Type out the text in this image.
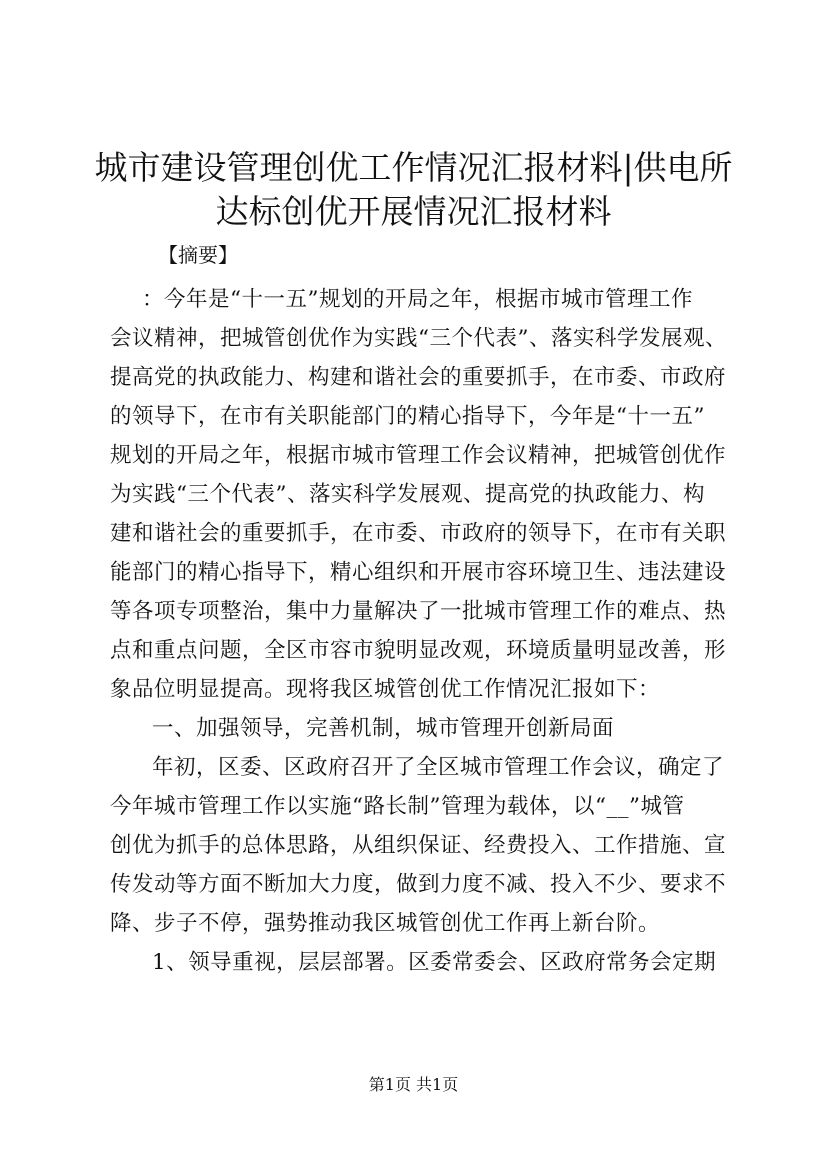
城市建设管理创优工作情况汇报材料|供电所
达标创优开展情况汇报材料
【摘要】
：今年是“十一五”规划的开局之年，根据市城市管理工作
会议精神，把城管创优作为实践“三个代表”、落实科学发展观、
提高党的执政能力、构建和谐社会的重要抓手，在市委、市政府
的领导下，在市有关职能部门的精心指导下，今年是“十一五”
规划的开局之年，根据市城市管理工作会议精神，把城管创优作
为实践“三个代表”、落实科学发展观、提高党的执政能力、构
建和谐社会的重要抓手，在市委、市政府的领导下，在市有关职
能部门的精心指导下，精心组织和开展市容环境卫生、违法建设
等各项专项整治，集中力量解决了一批城市管理工作的难点、热
点和重点问题，全区市容市貌明显改观，环境质量明显改善，形
象品位明显提高。现将我区城管创优工作情况汇报如下：
一、加强领导，完善机制，城市管理开创新局面
年初，区委、区政府召开了全区城市管理工作会议，确定了
今年城市管理工作以实施“路长制”管理为载体，以“__”城管
创优为抓手的总体思路，从组织保证、经费投入、工作措施、宣
传发动等方面不断加大力度，做到力度不减、投入不少、要求不
降、步子不停，强势推动我区城管创优工作再上新台阶。
1、领导重视，层层部署。区委常委会、区政府常务会定期
第1页 共1页
